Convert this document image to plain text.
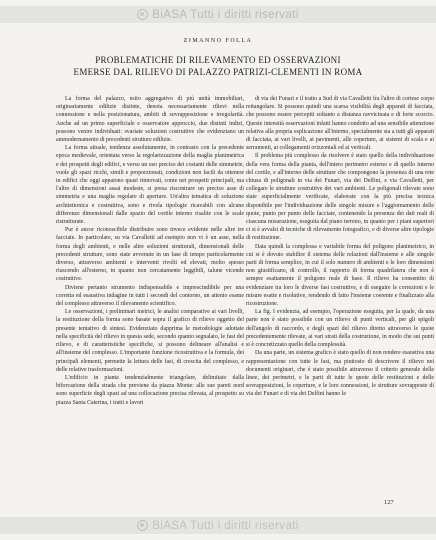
BiASA Tutti i diritti riservati
ZIMANNO FOLLA
PROBLEMATICHE DI RILEVAMENTO ED OSSERVAZIONI
EMERSE DAL RILIEVO DI PALAZZO PATRIZI-CLEMENTI IN ROMA

La forma del palazzo, esito aggregativo di più unità immobiliari, originariamente edilizie distinte, denota necessariamente rilievi nella connessione e nella posizionatura, ambiti di sovrapposizione e irregolarità. Anche ad un primo superficiale e osservatore approccio, due distinti indizi, possono venire individuati: svariate soluzioni costruttive che evidenziano un ammodernamento di precedenti strutture edilizie.

La forma attuale, tendenza assolutamente, in contrasto con la precedente epoca medievale, orientata verso la regolarizzazione della maglia planimetrica e dei prospetti degli edifici, e verso un uso preciso dei costanti delle simmetrie, vuole gli spazi ricchi, simili e proporzionati, condizioni non facili da ottenere in edifici che oggi appaiono quasi rinnovati, come nei prospetti principali, ma l'altro di dimensioni assai modeste, si presa riscontrare un preciso asse di simmetria e una maglia regolare di aperture. Un'altra tematica di soluzione architettonica e costruttiva, sono e rivela tipologie ricavabili con alcune differenze dimensionali dalle spazio del cortile interno risalite con le scale ristrutturate.

Pur è ancor riconoscibile distribuire sono invece evidente nelle altre tre facciate. In particolare, su via Cavalletti ad esempio non vi è un asse, nella forma degli ambienti, e nelle altre soluzioni strutturali, dimensionali delle precedenti strutture, sono state avvenute in un fase di tempo particolarmente diverso, attraverso ambienti e interventi rivolti ed elevati, molto spesso riuscendo all'esterno, in quanto non cercatamente leggibili, talune vicende costruttive.

Diviene pertanto strumento indispensabile e imprescindibile per una corretta ed esaustiva indagine in tutti i secondi del contorno, un attento esame del complesso attraverso il rilevamento scientifico.

Le osservazioni, i preliminari metrici, le analisi comparative ai vari livelli, la restituzione della forma sono basate sopra il grafico di rilievo oggetto del presente tentativo di sintesi. Evidenziato dapprima le metodologie adottate nella specificità del rilievo in questa sede, secondo quanto segnalato, le fasi del rilievo, e di caratteristiche specifiche, si possono delineare all'analisi e all'insieme del complesso. L'importante funzione ricostruttiva e la formula, dei principali elementi, permette la lettura delle fasi, di crescita del complesso, e delle relative trasformazioni.

L'edificio in pianta tendenzialmente triangolare, delimitato dalla biforcazione della strada che previene da piazza Monte: alle sue pareti nord sono superficie degli spazi ad una collocazione precisa rilevata, al prospetto su piazza Santa Caterina, i tratti e lavori

di via dei Funari e il tratto a Sud di via Cavalletti fra l'altro di cortese corpo rettangolare. Si possono quindi una scarsa visibilità degli apparati di facciata, che possono essere percepiti soltanto a distanza ravvicinata e di forte scorcio. Queste intensità osservazioni infatti hanno condotto ad una sensibile attenzione relativa alla propria esplicazione all'interno, specialmente sia a tutti gli apparati di facciata, ai vari livelli, ai pavimenti, alle coperture, ai sistemi di scala e ai serramenti, ai collegamenti orizzontali ed ai verticali.

Il problema più complesso da risolvere è stato quello della individuazione della vera forma della pianta, dell'intero perimetro esterno e di quello interno del cortile, e all'interno delle strutture che compongono la presenza di una rete chiusa di poligonali in via dei Funari, via dei Delfini, e via Cavalletti, per collegare le strutture costruttive dei vari ambienti. Le poligonali rilevate sono state superficialmente verificate, elaborate con la più precisa tecnica disponibile per l'individuazione delle singole misure e l'aggiornamento delle quote, punto per punto delle facciate, contenendo la presenza dei dati reali di ciascuna misurazione, eseguita dal piano terreno, in quanto per i piani superiori ci si è avvalsi di tecniche di rilevamento fotografico, e di diverse altre tipologie di restituzione.

Data quindi la complessa e variabile forma del poligono planimetrico, in cui si è dovuto stabilire il sistema delle relazioni dall'insieme e alle singole parti di forma semplice, in cui il solo numero di ambienti e le loro dimensioni non giustificano, di controllo, il rapporto di forma quadrilatera che non è sempre esattamente il poligono reale di base. Il rilievo ha consentito di evidenziare tra loro le diverse fasi costruttive, e di eseguire le correzioni e le misure esatte e risolutive, rendendo di fatto l'insieme coerente e finalizzato alla ricostruzione.

La fig. I evidenzia, ad esempio, l'operazione eseguita, per la quale, da una parte non è stato possibile con un rilievo di punti verticali, per gli spigoli dell'angolo di raccordo, e degli spazi del rilievo diretto attraverso le quote precedentemente rilevate, ai vari strati della costruzione, in modo che sui punti si è concretizzato quello della complessità.

Da una parte, un sistema grafico è stato quello di non rendere esaustiva una rappresentazione con tutte le fasi, ma piuttosto di descrivere il rilievo nei documenti originari, che è stato possibile attraverso il criterio generale delle linee, dei perimetri, e le parti di tutte le quote delle restituzioni e delle sovrapposizioni, le coperture, e le loro connessioni, le strutture sovrapposte di via dei Funari e di via dei Delfini hanno le

127
BiASA Tutti i diritti riservati
